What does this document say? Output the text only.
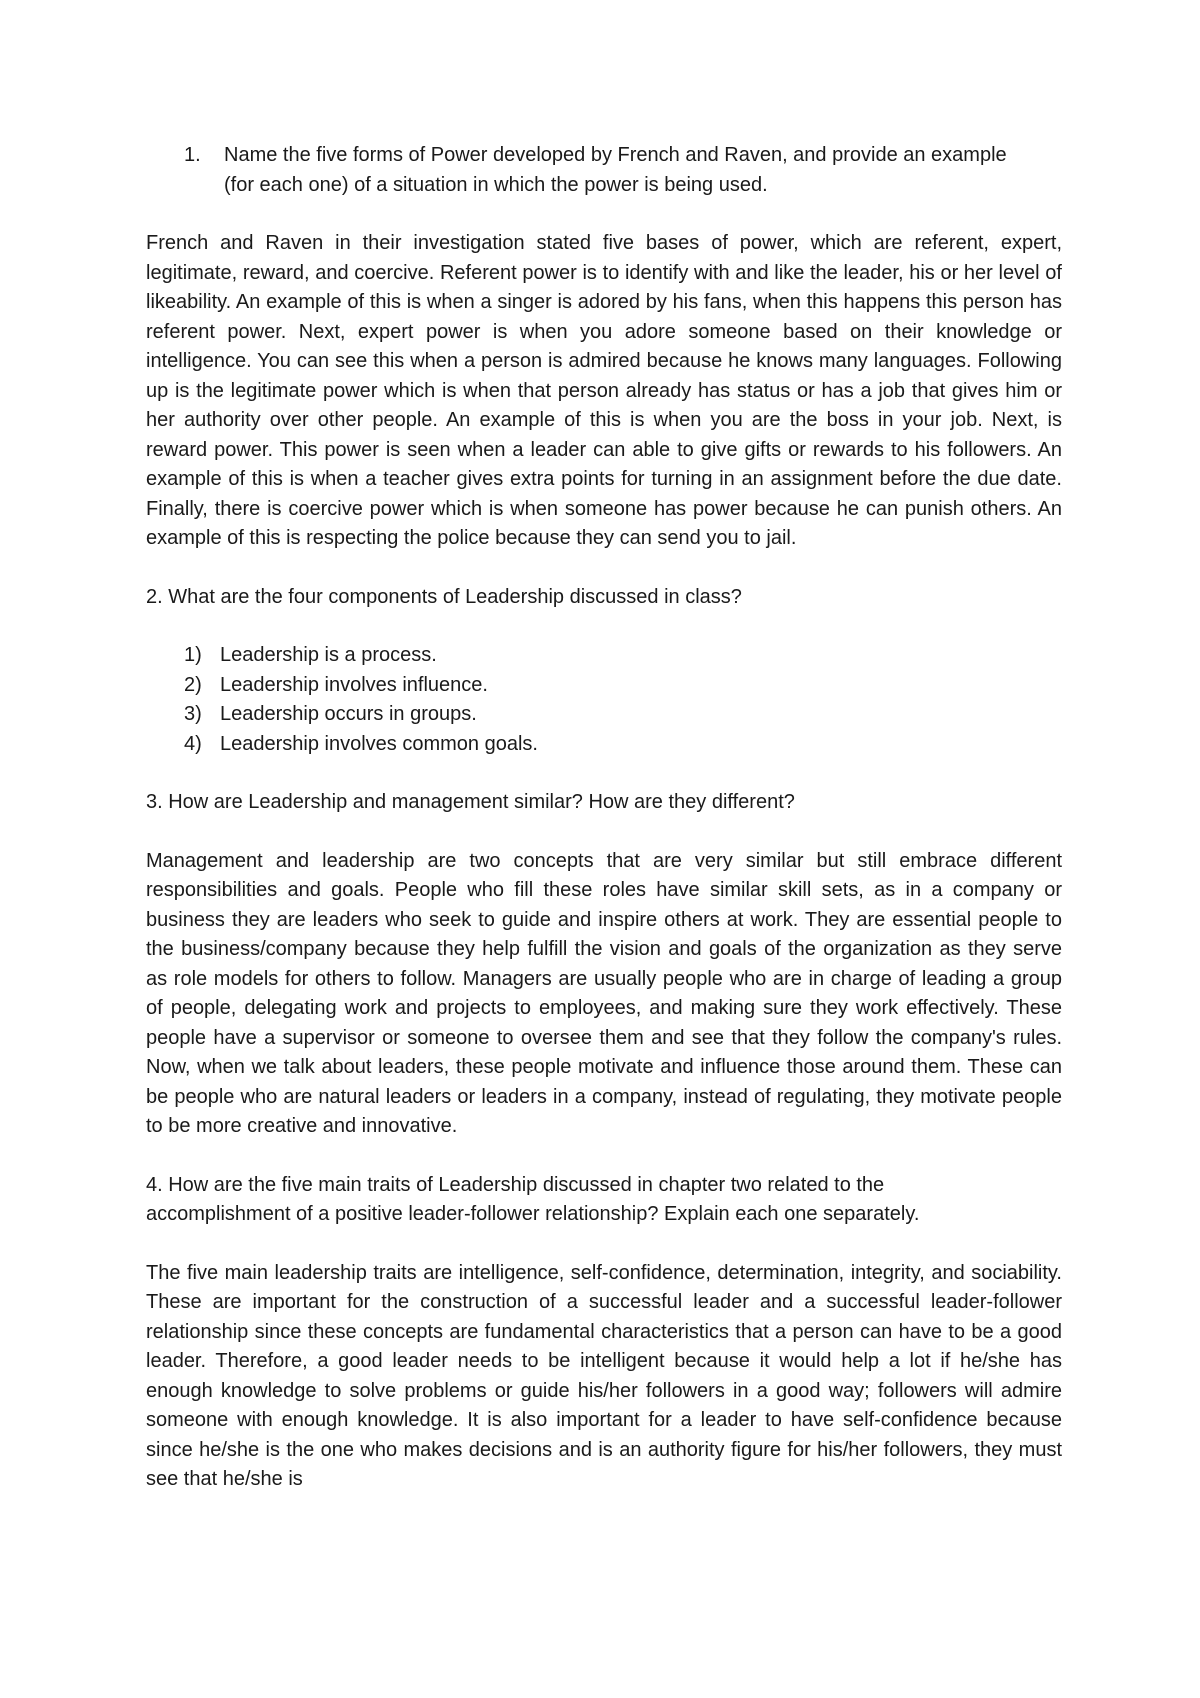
1.	Name the five forms of Power developed by French and Raven, and provide an example (for each one) of a situation in which the power is being used.

French and Raven in their investigation stated five bases of power, which are referent, expert, legitimate, reward, and coercive. Referent power is to identify with and like the leader, his or her level of likeability. An example of this is when a singer is adored by his fans, when this happens this person has referent power. Next, expert power is when you adore someone based on their knowledge or intelligence. You can see this when a person is admired because he knows many languages. Following up is the legitimate power which is when that person already has status or has a job that gives him or her authority over other people. An example of this is when you are the boss in your job. Next, is reward power. This power is seen when a leader can able to give gifts or rewards to his followers. An example of this is when a teacher gives extra points for turning in an assignment before the due date. Finally, there is coercive power which is when someone has power because he can punish others. An example of this is respecting the police because they can send you to jail.

2. What are the four components of Leadership discussed in class?

1) Leadership is a process.
2) Leadership involves influence.
3) Leadership occurs in groups.
4) Leadership involves common goals.

3. How are Leadership and management similar? How are they different?

Management and leadership are two concepts that are very similar but still embrace different responsibilities and goals. People who fill these roles have similar skill sets, as in a company or business they are leaders who seek to guide and inspire others at work. They are essential people to the business/company because they help fulfill the vision and goals of the organization as they serve as role models for others to follow. Managers are usually people who are in charge of leading a group of people, delegating work and projects to employees, and making sure they work effectively. These people have a supervisor or someone to oversee them and see that they follow the company's rules. Now, when we talk about leaders, these people motivate and influence those around them. These can be people who are natural leaders or leaders in a company, instead of regulating, they motivate people to be more creative and innovative.

4. How are the five main traits of Leadership discussed in chapter two related to the

accomplishment of a positive leader-follower relationship? Explain each one separately.

The five main leadership traits are intelligence, self-confidence, determination, integrity, and sociability. These are important for the construction of a successful leader and a successful leader-follower relationship since these concepts are fundamental characteristics that a person can have to be a good leader. Therefore, a good leader needs to be intelligent because it would help a lot if he/she has enough knowledge to solve problems or guide his/her followers in a good way; followers will admire someone with enough knowledge. It is also important for a leader to have self-confidence because since he/she is the one who makes decisions and is an authority figure for his/her followers, they must see that he/she is
